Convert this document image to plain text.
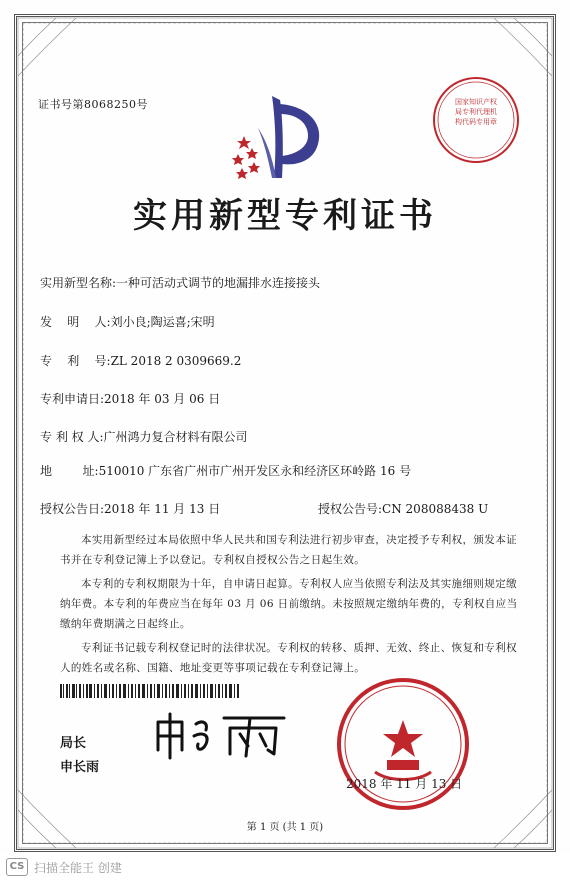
证书号第8068250号	国家知识产权局专利代理机构代码专用章
实用新型专利证书
实用新型名称:一种可活动式调节的地漏排水连接接头
发    明    人:刘小良;陶运喜;宋明
专    利    号:ZL 2018 2 0309669.2
专利申请日:2018 年 03 月 06 日
专 利 权 人:广州鸿力复合材料有限公司
地        址:510010 广东省广州市广州开发区永和经济区环岭路 16 号
授权公告日:2018 年 11 月 13 日	授权公告号:CN 208088438 U
本实用新型经过本局依照中华人民共和国专利法进行初步审查，决定授予专利权，颁发本证书并在专利登记簿上予以登记。专利权自授权公告之日起生效。
本专利的专利权期限为十年，自申请日起算。专利权人应当依照专利法及其实施细则规定缴纳年费。本专利的年费应当在每年 03 月 06 日前缴纳。未按照规定缴纳年费的，专利权自应当缴纳年费期满之日起终止。
专利证书记载专利权登记时的法律状况。专利权的转移、质押、无效、终止、恢复和专利权人的姓名或名称、国籍、地址变更等事项记载在专利登记簿上。
局长
申长雨
2018 年 11 月 13 日
第 1 页 (共 1 页)
CS 扫描全能王 创建
